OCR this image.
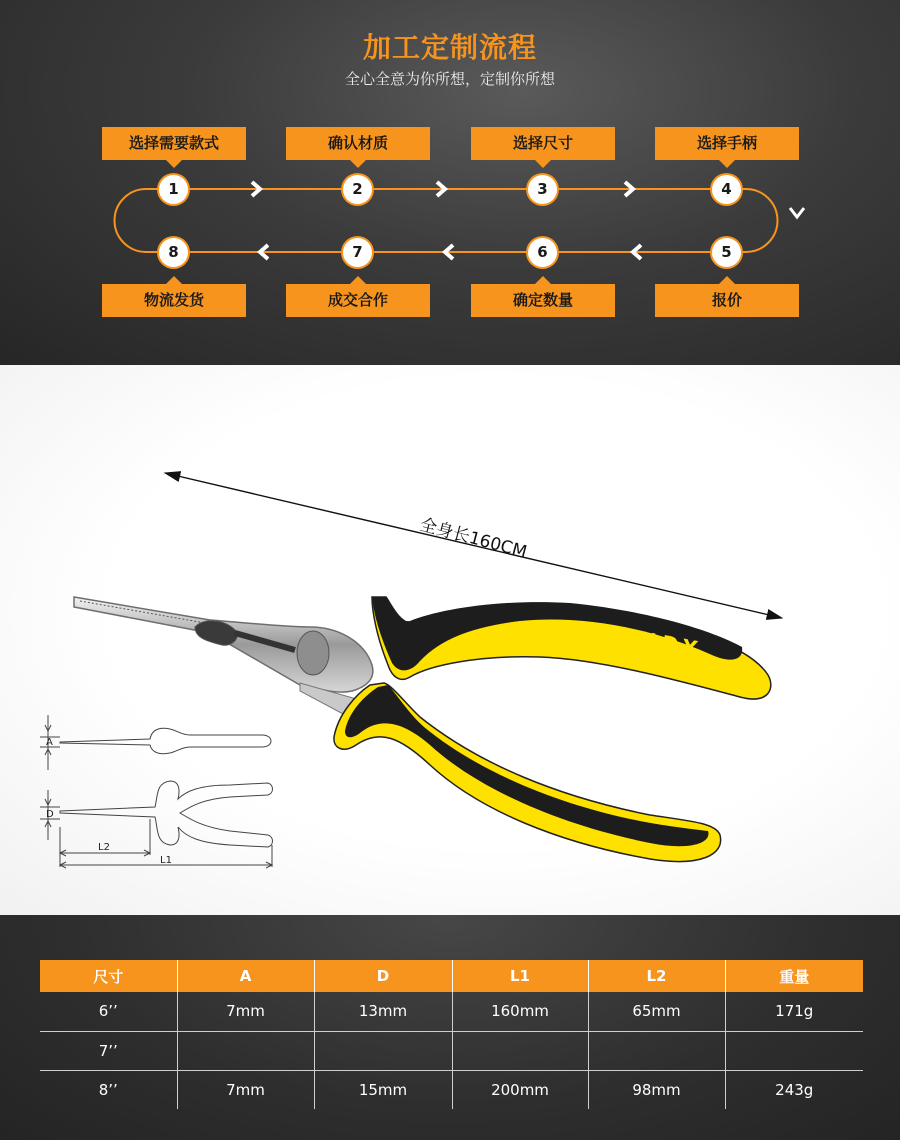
加工定制流程
全心全意为你所想，定制你所想
选择需要款式	确认材质	选择尺寸	选择手柄
物流发货	成交合作	确定数量	报价
1	2	3	4
5
6
7
8
INDY
全身长160CM
A
D
L2
L1
尺寸	A	D	L1	L2	重量
6’’	7mm	13mm	160mm	65mm	171g
7’’					
8’’	7mm	15mm	200mm	98mm	243g
